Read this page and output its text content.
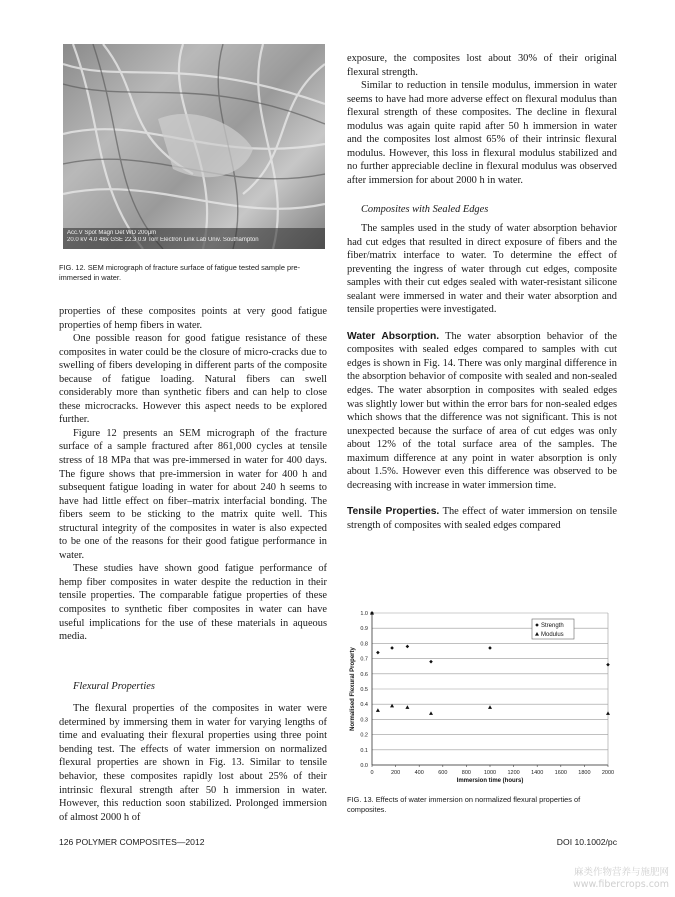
Acc.V Spot Magn Det WD 200µm
20.0 kV 4.0 48x GSE 22.3 0.9 Torr Electron Link Lab Univ. Southampton
FIG. 12. SEM micrograph of fracture surface of fatigue tested sample pre-immersed in water.

properties of these composites points at very good fatigue properties of hemp fibers in water.

One possible reason for good fatigue resistance of these composites in water could be the closure of micro-cracks due to swelling of fibers developing in different parts of the composite because of fatigue loading. Natural fibers can swell considerably more than synthetic fibers and can help to close these microcracks. However this aspect needs to be explored further.

Figure 12 presents an SEM micrograph of the fracture surface of a sample fractured after 861,000 cycles at tensile stress of 18 MPa that was pre-immersed in water for 400 days. The figure shows that pre-immersion in water for 400 h and subsequent fatigue loading in water for about 240 h seems to have had little effect on fiber–matrix interfacial bonding. The fibers seem to be sticking to the matrix quite well. This structural integrity of the composites in water is also expected to be one of the reasons for their good fatigue performance in water.

These studies have shown good fatigue performance of hemp fiber composites in water despite the reduction in their tensile properties. The comparable fatigue properties of these composites to synthetic fiber composites in water can have useful implications for the use of these materials in aqueous media.

Flexural Properties

The flexural properties of the composites in water were determined by immersing them in water for varying lengths of time and evaluating their flexural properties using three point bending test. The effects of water immersion on normalized flexural properties are shown in Fig. 13. Similar to tensile behavior, these composites rapidly lost about 25% of their intrinsic flexural strength after 50 h immersion in water. However, this reduction soon stabilized. Prolonged immersion of almost 2000 h of

exposure, the composites lost about 30% of their original flexural strength.

Similar to reduction in tensile modulus, immersion in water seems to have had more adverse effect on flexural modulus than flexural strength of these composites. The decline in flexural modulus was again quite rapid after 50 h immersion in water and the composites lost almost 65% of their intrinsic flexural modulus. However, this loss in flexural modulus stabilized and no further appreciable decline in flexural modulus was observed after immersion for about 2000 h in water.

Composites with Sealed Edges

The samples used in the study of water absorption behavior had cut edges that resulted in direct exposure of fibers and the fiber/matrix interface to water. To determine the effect of preventing the ingress of water through cut edges, composite samples with their cut edges sealed with water-resistant silicone sealant were immersed in water and their water absorption and tensile properties were investigated.

Water Absorption. The water absorption behavior of the composites with sealed edges compared to samples with cut edges is shown in Fig. 14. There was only marginal difference in the absorption behavior of composite with sealed and non-sealed edges. The water absorption in composites with sealed edges was slightly lower but within the error bars for non-sealed edges which shows that the difference was not significant. This is not unexpected because the surface of area of cut edges was only about 12% of the total surface area of the samples. The maximum difference at any point in water absorption is only about 1.5%. However even this difference was observed to be decreasing with increase in water immersion time.

Tensile Properties. The effect of water immersion on tensile strength of composites with sealed edges compared

0.0
0.1
0.2
0.3
0.4
0.5
0.6
0.7
0.8
0.9
1.0
0	200	400	600	800 1000 1200 1400 1600 1800 2000
Immersion time (hours)
Normalised Flexural Property
Strength
Modulus
FIG. 13. Effects of water immersion on normalized flexural properties of composites.
126 POLYMER COMPOSITES—2012	DOI 10.1002/pc
麻类作物营养与施肥网
www.fibercrops.com
